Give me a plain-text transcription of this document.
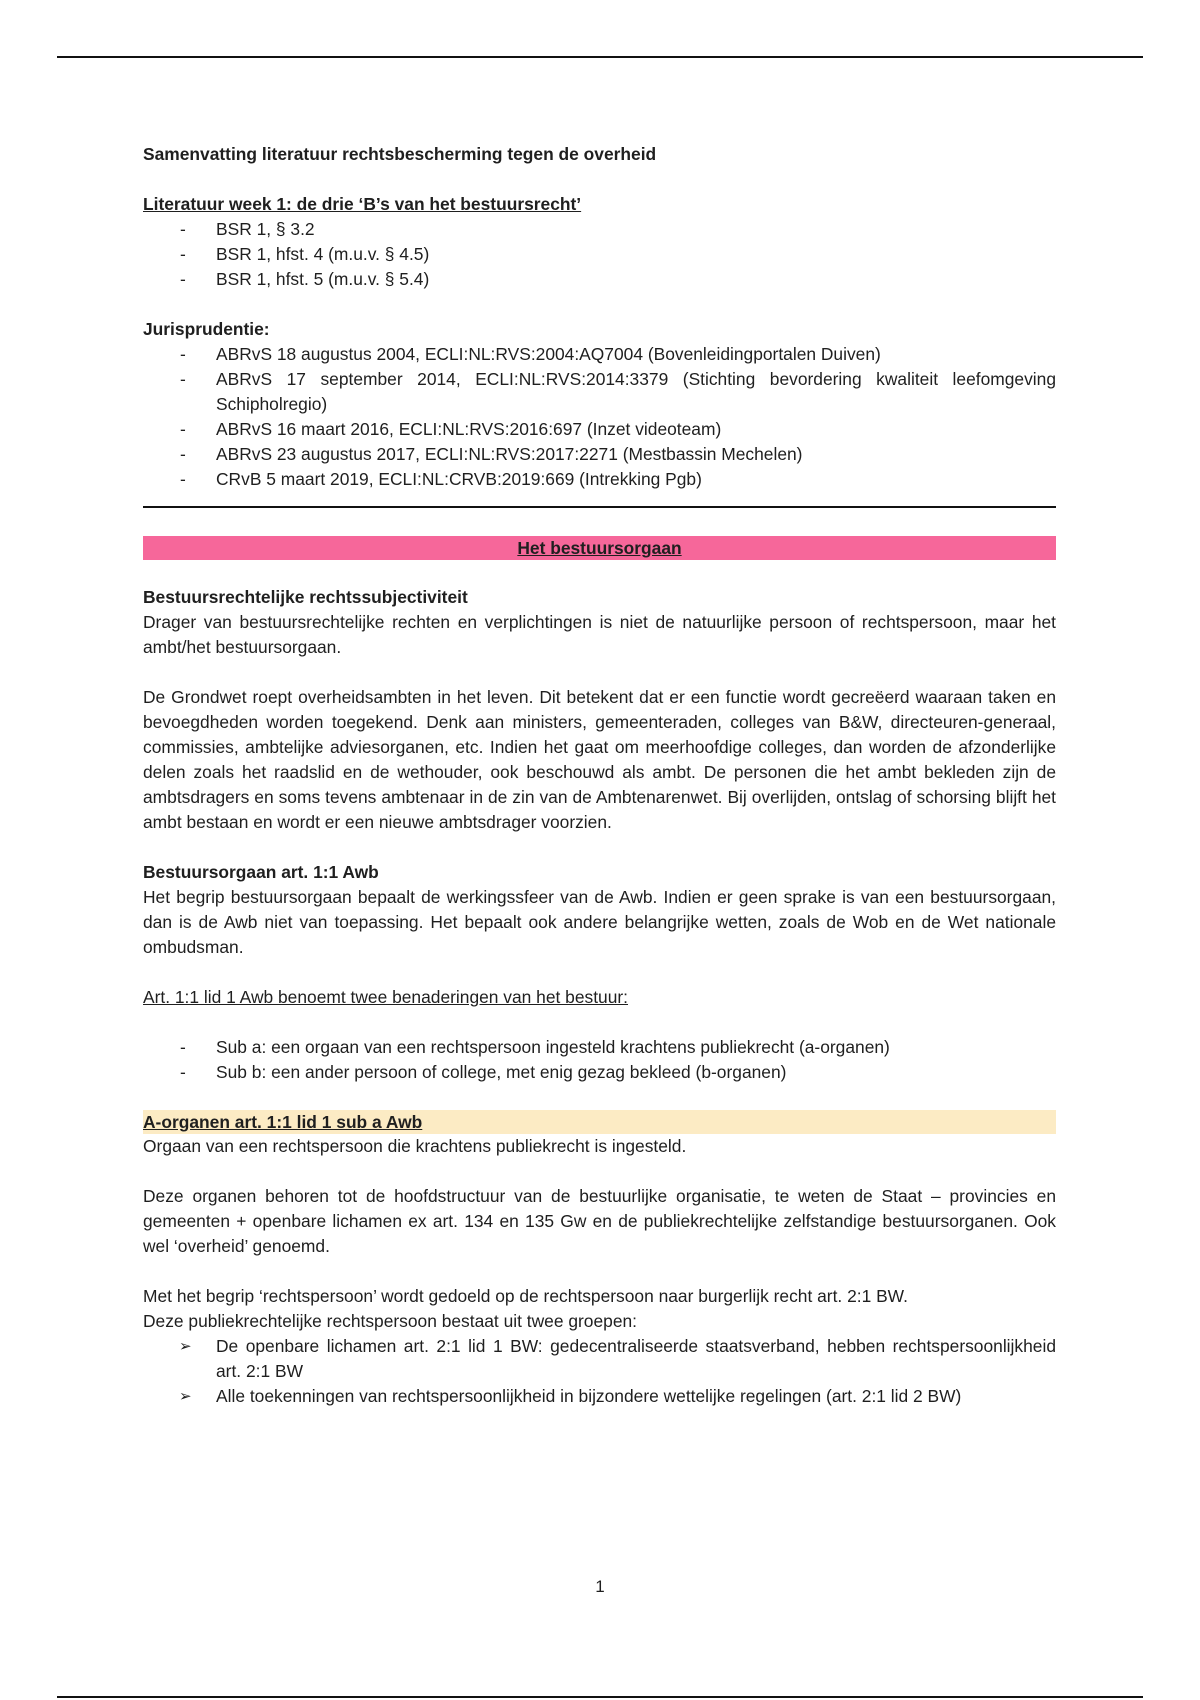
Samenvatting literatuur rechtsbescherming tegen de overheid

Literatuur week 1: de drie ‘B’s van het bestuursrecht’

- BSR 1, § 3.2
- BSR 1, hfst. 4 (m.u.v. § 4.5)
- BSR 1, hfst. 5 (m.u.v. § 5.4)

Jurisprudentie:

- ABRvS 18 augustus 2004, ECLI:NL:RVS:2004:AQ7004 (Bovenleidingportalen Duiven)
- ABRvS 17 september 2014, ECLI:NL:RVS:2014:3379 (Stichting bevordering kwaliteit leefomgeving Schipholregio)
- ABRvS 16 maart 2016, ECLI:NL:RVS:2016:697 (Inzet videoteam)
- ABRvS 23 augustus 2017, ECLI:NL:RVS:2017:2271 (Mestbassin Mechelen)
- CRvB 5 maart 2019, ECLI:NL:CRVB:2019:669 (Intrekking Pgb)
Het bestuursorgaan

Bestuursrechtelijke rechtssubjectiviteit

Drager van bestuursrechtelijke rechten en verplichtingen is niet de natuurlijke persoon of rechtspersoon, maar het ambt/het bestuursorgaan.

De Grondwet roept overheidsambten in het leven. Dit betekent dat er een functie wordt gecreëerd waaraan taken en bevoegdheden worden toegekend. Denk aan ministers, gemeenteraden, colleges van B&W, directeuren-generaal, commissies, ambtelijke adviesorganen, etc. Indien het gaat om meerhoofdige colleges, dan worden de afzonderlijke delen zoals het raadslid en de wethouder, ook beschouwd als ambt. De personen die het ambt bekleden zijn de ambtsdragers en soms tevens ambtenaar in de zin van de Ambtenarenwet. Bij overlijden, ontslag of schorsing blijft het ambt bestaan en wordt er een nieuwe ambtsdrager voorzien.

Bestuursorgaan art. 1:1 Awb

Het begrip bestuursorgaan bepaalt de werkingssfeer van de Awb. Indien er geen sprake is van een bestuursorgaan, dan is de Awb niet van toepassing. Het bepaalt ook andere belangrijke wetten, zoals de Wob en de Wet nationale ombudsman.

Art. 1:1 lid 1 Awb benoemt twee benaderingen van het bestuur:

- Sub a: een orgaan van een rechtspersoon ingesteld krachtens publiekrecht (a-organen)
- Sub b: een ander persoon of college, met enig gezag bekleed (b-organen)
A-organen art. 1:1 lid 1 sub a Awb

Orgaan van een rechtspersoon die krachtens publiekrecht is ingesteld.

Deze organen behoren tot de hoofdstructuur van de bestuurlijke organisatie, te weten de Staat – provincies en gemeenten + openbare lichamen ex art. 134 en 135 Gw en de publiekrechtelijke zelfstandige bestuursorganen. Ook wel ‘overheid’ genoemd.

Met het begrip ‘rechtspersoon’ wordt gedoeld op de rechtspersoon naar burgerlijk recht art. 2:1 BW.

Deze publiekrechtelijke rechtspersoon bestaat uit twee groepen:

➢ De openbare lichamen art. 2:1 lid 1 BW: gedecentraliseerde staatsverband, hebben rechtspersoonlijkheid art. 2:1 BW
➢ Alle toekenningen van rechtspersoonlijkheid in bijzondere wettelijke regelingen (art. 2:1 lid 2 BW)
1
